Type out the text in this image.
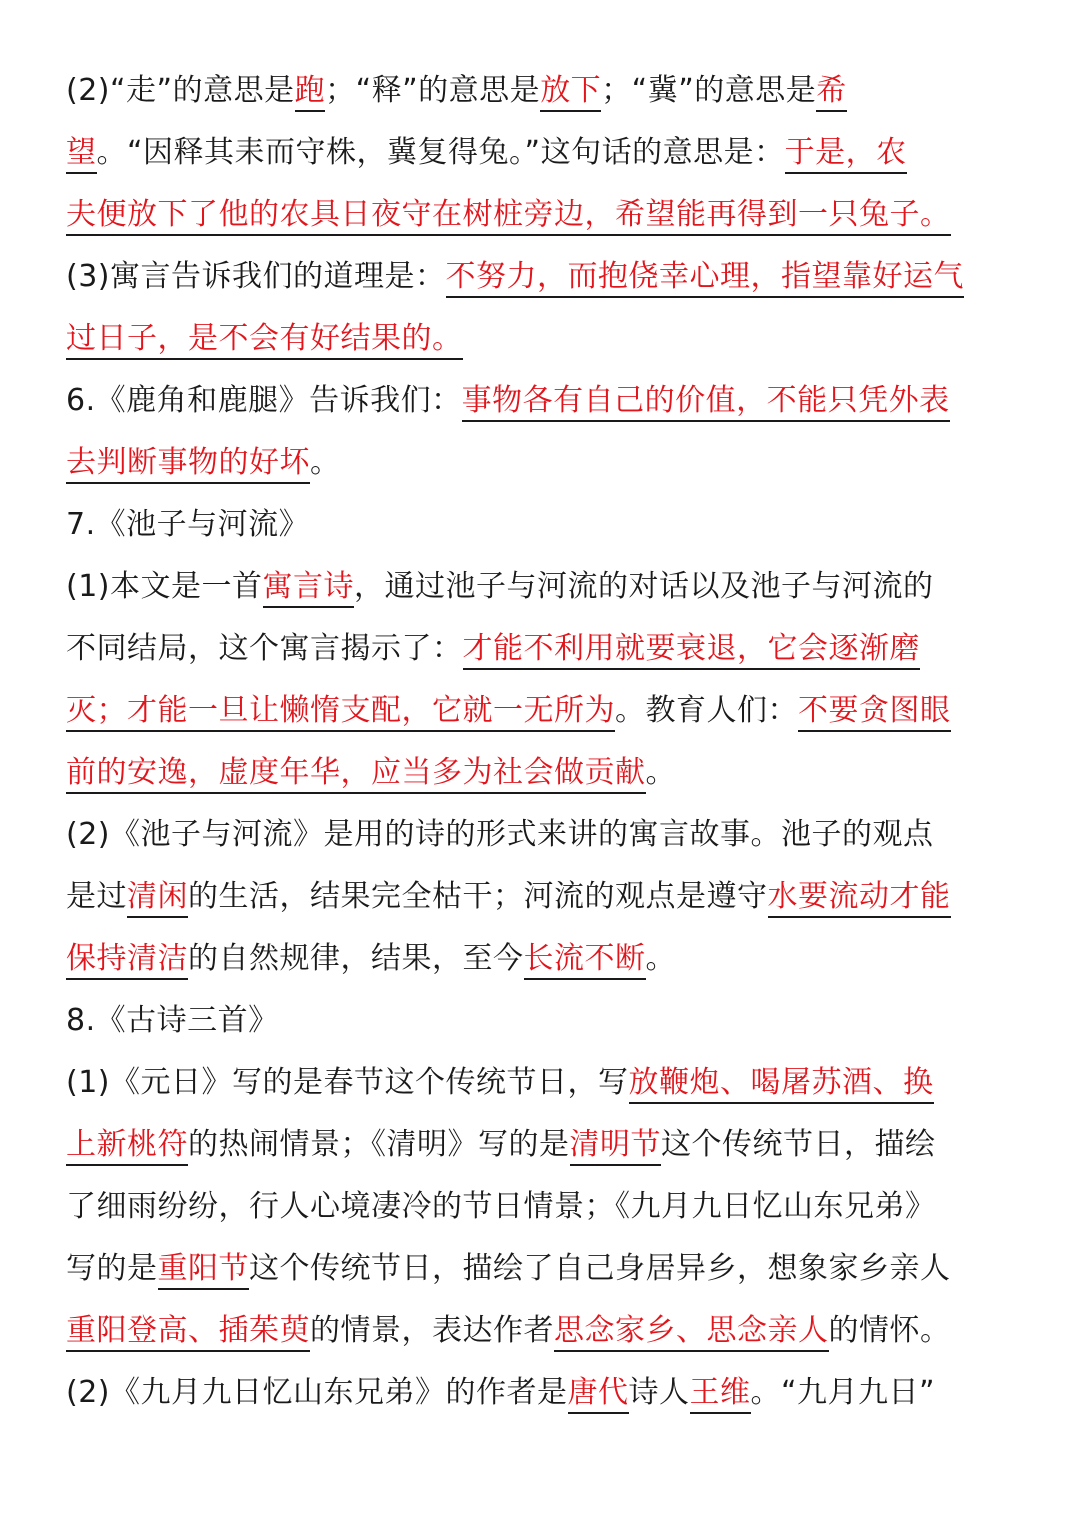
(2)“走”的意思是跑；“释”的意思是放下；“冀”的意思是希
望。“因释其耒而守株，冀复得兔。”这句话的意思是：于是，农
夫便放下了他的农具日夜守在树桩旁边，希望能再得到一只兔子。
(3)寓言告诉我们的道理是：不努力，而抱侥幸心理，指望靠好运气
过日子，是不会有好结果的。
6.《鹿角和鹿腿》告诉我们：事物各有自己的价值，不能只凭外表
去判断事物的好坏。
7.《池子与河流》
(1)本文是一首寓言诗，通过池子与河流的对话以及池子与河流的
不同结局，这个寓言揭示了：才能不利用就要衰退，它会逐渐磨
灭；才能一旦让懒惰支配，它就一无所为。教育人们：不要贪图眼
前的安逸，虚度年华，应当多为社会做贡献。
(2)《池子与河流》是用的诗的形式来讲的寓言故事。池子的观点
是过清闲的生活，结果完全枯干；河流的观点是遵守水要流动才能
保持清洁的自然规律，结果，至今长流不断。
8.《古诗三首》
(1)《元日》写的是春节这个传统节日，写放鞭炮、喝屠苏酒、换
上新桃符的热闹情景；《清明》写的是清明节这个传统节日，描绘
了细雨纷纷，行人心境凄冷的节日情景；《九月九日忆山东兄弟》
写的是重阳节这个传统节日，描绘了自己身居异乡，想象家乡亲人
重阳登高、插茱萸的情景，表达作者思念家乡、思念亲人的情怀。
(2)《九月九日忆山东兄弟》的作者是唐代诗人王维。“九月九日”
